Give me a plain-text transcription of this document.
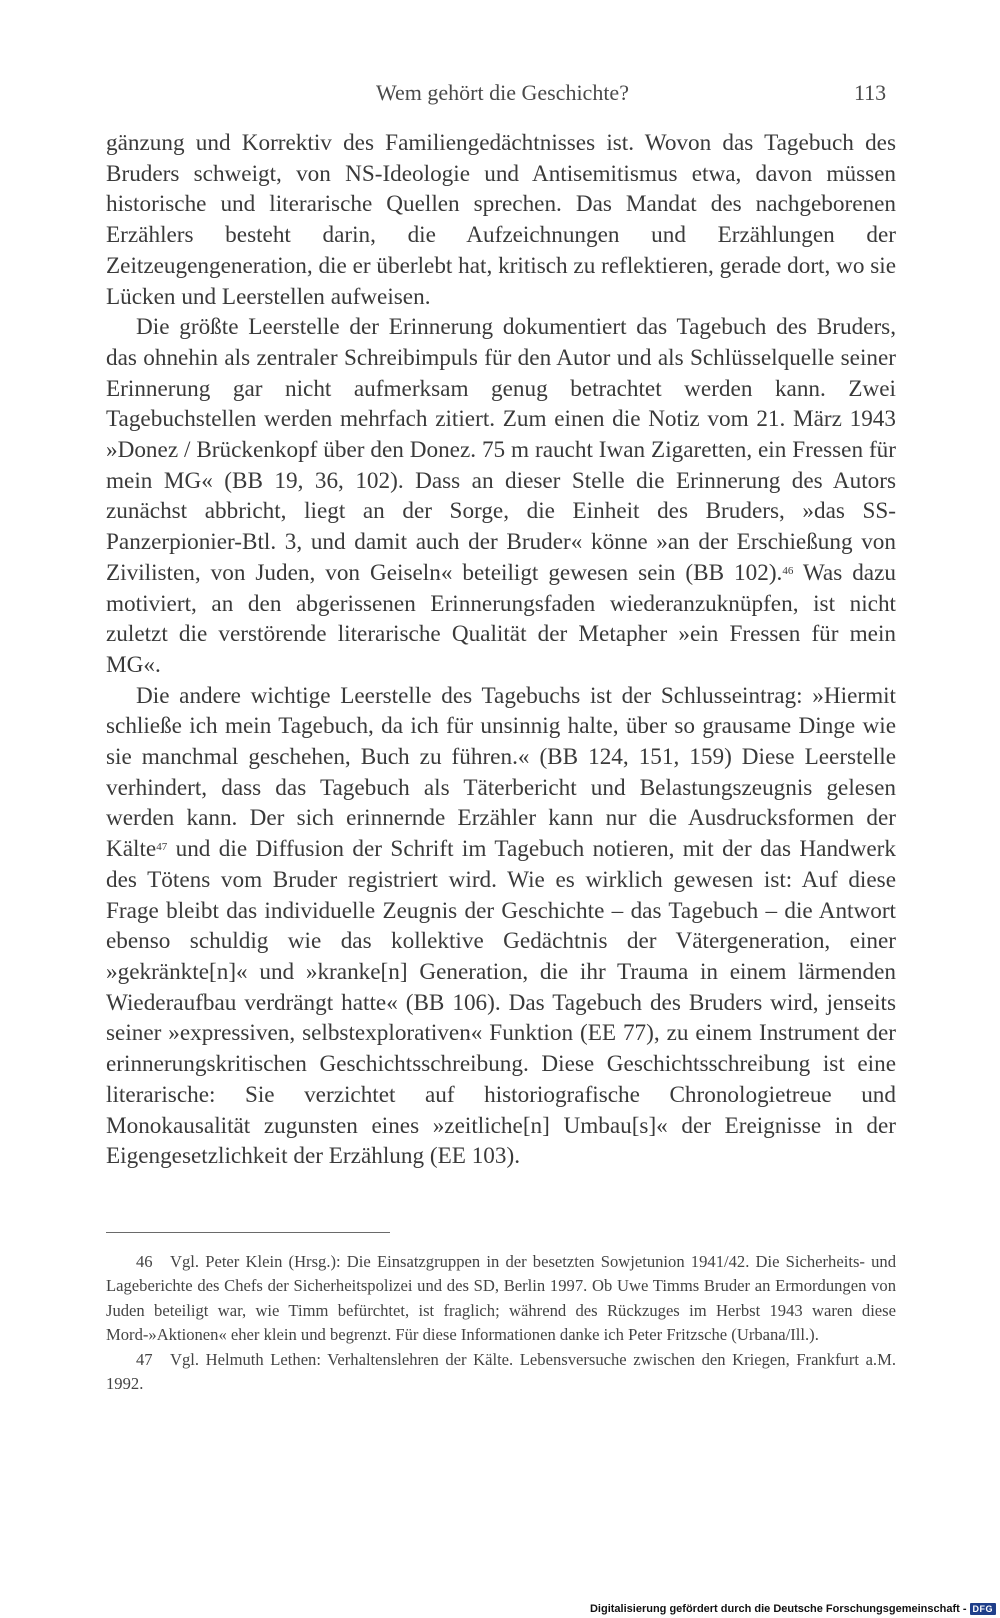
Wem gehört die Geschichte?	113

gänzung und Korrektiv des Familiengedächtnisses ist. Wovon das Tagebuch des Bruders schweigt, von NS-Ideologie und Antisemitismus etwa, davon müssen historische und literarische Quellen sprechen. Das Mandat des nachgeborenen Erzählers besteht darin, die Aufzeichnungen und Erzählungen der Zeitzeugengeneration, die er überlebt hat, kritisch zu reflektieren, gerade dort, wo sie Lücken und Leerstellen aufweisen.

Die größte Leerstelle der Erinnerung dokumentiert das Tagebuch des Bruders, das ohnehin als zentraler Schreibimpuls für den Autor und als Schlüsselquelle seiner Erinnerung gar nicht aufmerksam genug betrachtet werden kann. Zwei Tagebuchstellen werden mehrfach zitiert. Zum einen die Notiz vom 21. März 1943 »Donez / Brückenkopf über den Donez. 75 m raucht Iwan Zigaretten, ein Fressen für mein MG« (BB 19, 36, 102). Dass an dieser Stelle die Erinnerung des Autors zunächst abbricht, liegt an der Sorge, die Einheit des Bruders, »das SS-Panzerpionier-Btl. 3, und damit auch der Bruder« könne »an der Erschießung von Zivilisten, von Juden, von Geiseln« beteiligt gewesen sein (BB 102).$^{46}$ Was dazu motiviert, an den abgerissenen Erinnerungsfaden wiederanzuknüpfen, ist nicht zuletzt die verstörende literarische Qualität der Metapher »ein Fressen für mein MG«.

Die andere wichtige Leerstelle des Tagebuchs ist der Schlusseintrag: »Hiermit schließe ich mein Tagebuch, da ich für unsinnig halte, über so grausame Dinge wie sie manchmal geschehen, Buch zu führen.« (BB 124, 151, 159) Diese Leerstelle verhindert, dass das Tagebuch als Täterbericht und Belastungszeugnis gelesen werden kann. Der sich erinnernde Erzähler kann nur die Ausdrucksformen der Kälte$^{47}$ und die Diffusion der Schrift im Tagebuch notieren, mit der das Handwerk des Tötens vom Bruder registriert wird. Wie es wirklich gewesen ist: Auf diese Frage bleibt das individuelle Zeugnis der Geschichte – das Tagebuch – die Antwort ebenso schuldig wie das kollektive Gedächtnis der Vätergeneration, einer »gekränkte[n]« und »kranke[n] Generation, die ihr Trauma in einem lärmenden Wiederaufbau verdrängt hatte« (BB 106). Das Tagebuch des Bruders wird, jenseits seiner »expressiven, selbstexplorativen« Funktion (EE 77), zu einem Instrument der erinnerungskritischen Geschichtsschreibung. Diese Geschichtsschreibung ist eine literarische: Sie verzichtet auf historiografische Chronologietreue und Monokausalität zugunsten eines »zeitliche[n] Umbau[s]« der Ereignisse in der Eigengesetzlichkeit der Erzählung (EE 103).

46 Vgl. Peter Klein (Hrsg.): Die Einsatzgruppen in der besetzten Sowjetunion 1941/42. Die Sicherheits- und Lageberichte des Chefs der Sicherheitspolizei und des SD, Berlin 1997. Ob Uwe Timms Bruder an Ermordungen von Juden beteiligt war, wie Timm befürchtet, ist fraglich; während des Rückzuges im Herbst 1943 waren diese Mord-»Aktionen« eher klein und begrenzt. Für diese Informationen danke ich Peter Fritzsche (Urbana/Ill.).

47 Vgl. Helmuth Lethen: Verhaltenslehren der Kälte. Lebensversuche zwischen den Kriegen, Frankfurt a.M. 1992.

Digitalisierung gefördert durch die Deutsche Forschungsgemeinschaft - DFG
